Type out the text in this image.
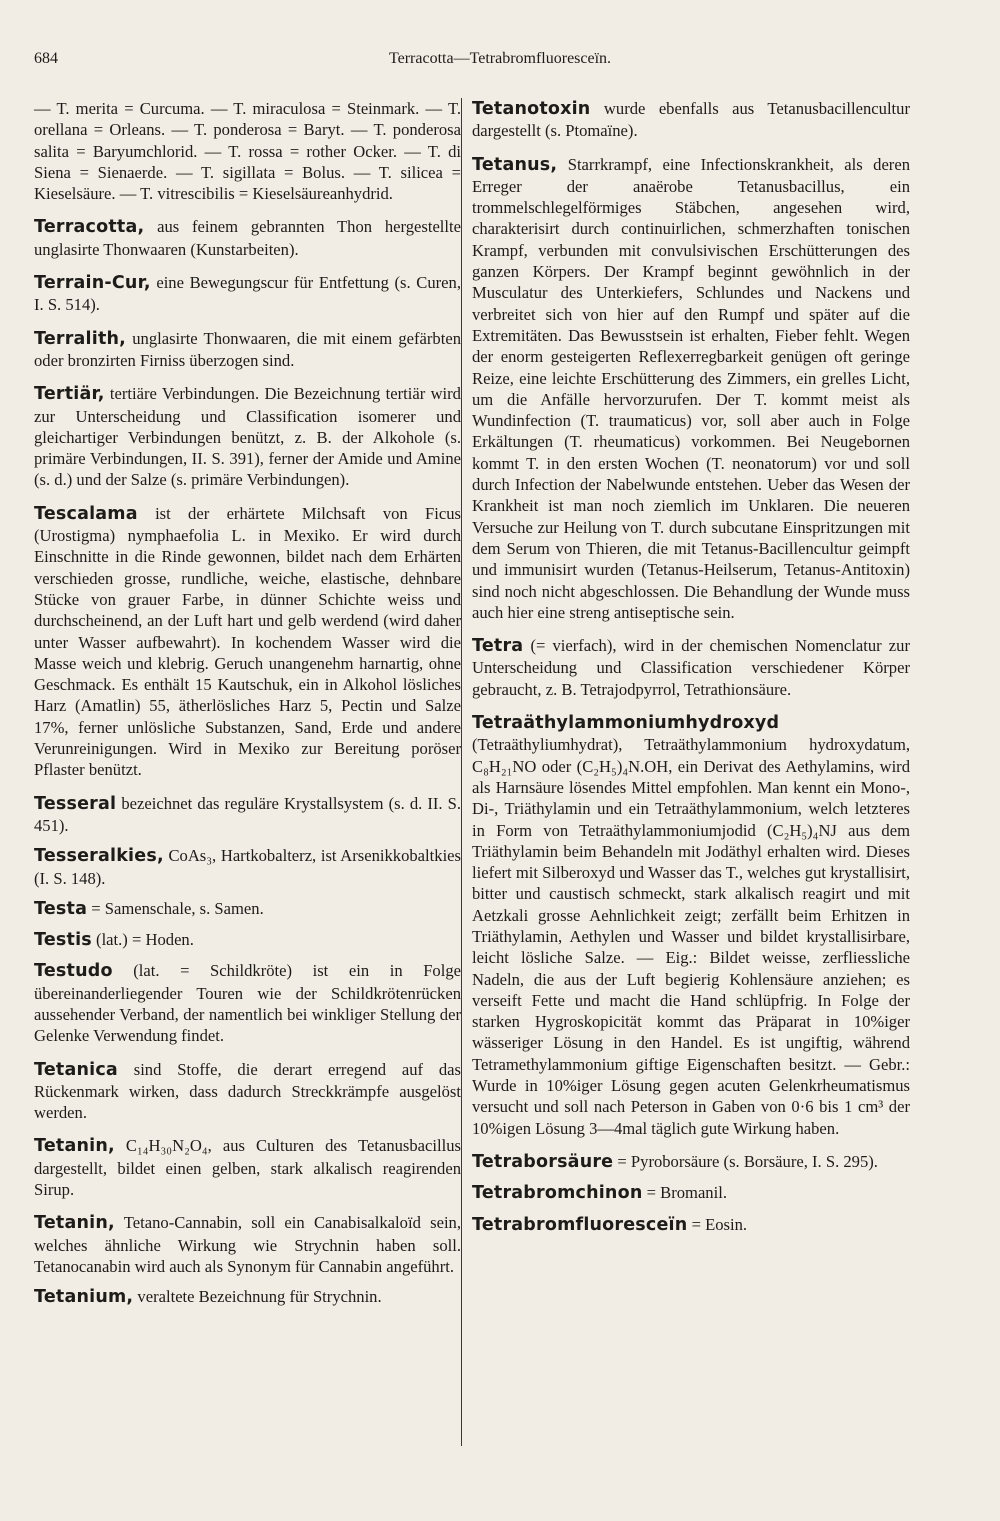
684	Terracotta—Tetrabromfluoresceïn.

— T. merita = Curcuma. — T. miraculosa = Steinmark. — T. orellana = Orleans. — T. ponderosa = Baryt. — T. ponderosa salita = Baryumchlorid. — T. rossa = rother Ocker. — T. di Siena = Sienaerde. — T. sigillata = Bolus. — T. silicea = Kieselsäure. — T. vitrescibilis = Kieselsäureanhydrid.

Terracotta, aus feinem gebrannten Thon hergestellte unglasirte Thonwaaren (Kunstarbeiten).

Terrain-Cur, eine Bewegungscur für Entfettung (s. Curen, I. S. 514).

Terralith, unglasirte Thonwaaren, die mit einem gefärbten oder bronzirten Firniss überzogen sind.

Tertiär, tertiäre Verbindungen. Die Bezeichnung tertiär wird zur Unterscheidung und Classification isomerer und gleichartiger Verbindungen benützt, z. B. der Alkohole (s. primäre Verbindungen, II. S. 391), ferner der Amide und Amine (s. d.) und der Salze (s. primäre Verbindungen).

Tescalama ist der erhärtete Milchsaft von Ficus (Urostigma) nymphaefolia L. in Mexiko. Er wird durch Einschnitte in die Rinde gewonnen, bildet nach dem Erhärten verschieden grosse, rundliche, weiche, elastische, dehnbare Stücke von grauer Farbe, in dünner Schichte weiss und durchscheinend, an der Luft hart und gelb werdend (wird daher unter Wasser aufbewahrt). In kochendem Wasser wird die Masse weich und klebrig. Geruch unangenehm harnartig, ohne Geschmack. Es enthält 15 Kautschuk, ein in Alkohol lösliches Harz (Amatlin) 55, ätherlösliches Harz 5, Pectin und Salze 17%, ferner unlösliche Substanzen, Sand, Erde und andere Verunreinigungen. Wird in Mexiko zur Bereitung poröser Pflaster benützt.

Tesseral bezeichnet das reguläre Krystallsystem (s. d. II. S. 451).

Tesseralkies, CoAs₃, Hartkobalterz, ist Arsenikkobaltkies (I. S. 148).

Testa = Samenschale, s. Samen.

Testis (lat.) = Hoden.

Testudo (lat. = Schildkröte) ist ein in Folge übereinanderliegender Touren wie der Schildkrötenrücken aussehender Verband, der namentlich bei winkliger Stellung der Gelenke Verwendung findet.

Tetanica sind Stoffe, die derart erregend auf das Rückenmark wirken, dass dadurch Streckkrämpfe ausgelöst werden.

Tetanin, C₁₄H₃₀N₂O₄, aus Culturen des Tetanusbacillus dargestellt, bildet einen gelben, stark alkalisch reagirenden Sirup.

Tetanin, Tetano-Cannabin, soll ein Canabisalkaloïd sein, welches ähnliche Wirkung wie Strychnin haben soll. Tetanocanabin wird auch als Synonym für Cannabin angeführt.

Tetanium, veraltete Bezeichnung für Strychnin.

Tetanotoxin wurde ebenfalls aus Tetanusbacillencultur dargestellt (s. Ptomaïne).

Tetanus, Starrkrampf, eine Infectionskrankheit, als deren Erreger der anaërobe Tetanusbacillus, ein trommelschlegelförmiges Stäbchen, angesehen wird, charakterisirt durch continuirlichen, schmerzhaften tonischen Krampf, verbunden mit convulsivischen Erschütterungen des ganzen Körpers. Der Krampf beginnt gewöhnlich in der Musculatur des Unterkiefers, Schlundes und Nackens und verbreitet sich von hier auf den Rumpf und später auf die Extremitäten. Das Bewusstsein ist erhalten, Fieber fehlt. Wegen der enorm gesteigerten Reflexerregbarkeit genügen oft geringe Reize, eine leichte Erschütterung des Zimmers, ein grelles Licht, um die Anfälle hervorzurufen. Der T. kommt meist als Wundinfection (T. traumaticus) vor, soll aber auch in Folge Erkältungen (T. rheumaticus) vorkommen. Bei Neugebornen kommt T. in den ersten Wochen (T. neonatorum) vor und soll durch Infection der Nabelwunde entstehen. Ueber das Wesen der Krankheit ist man noch ziemlich im Unklaren. Die neueren Versuche zur Heilung von T. durch subcutane Einspritzungen mit dem Serum von Thieren, die mit Tetanus-Bacillencultur geimpft und immunisirt wurden (Tetanus-Heilserum, Tetanus-Antitoxin) sind noch nicht abgeschlossen. Die Behandlung der Wunde muss auch hier eine streng antiseptische sein.

Tetra (= vierfach), wird in der chemischen Nomenclatur zur Unterscheidung und Classification verschiedener Körper gebraucht, z. B. Tetrajodpyrrol, Tetrathionsäure.

Tetraäthylammoniumhydroxyd (Tetraäthyliumhydrat), Tetraäthylammonium hydroxydatum, C₈H₂₁NO oder (C₂H₅)₄N.OH, ein Derivat des Aethylamins, wird als Harnsäure lösendes Mittel empfohlen. Man kennt ein Mono-, Di-, Triäthylamin und ein Tetraäthylammonium, welch letzteres in Form von Tetraäthylammoniumjodid (C₂H₅)₄NJ aus dem Triäthylamin beim Behandeln mit Jodäthyl erhalten wird. Dieses liefert mit Silberoxyd und Wasser das T., welches gut krystallisirt, bitter und caustisch schmeckt, stark alkalisch reagirt und mit Aetzkali grosse Aehnlichkeit zeigt; zerfällt beim Erhitzen in Triäthylamin, Aethylen und Wasser und bildet krystallisirbare, leicht lösliche Salze. — Eig.: Bildet weisse, zerfliessliche Nadeln, die aus der Luft begierig Kohlensäure anziehen; es verseift Fette und macht die Hand schlüpfrig. In Folge der starken Hygroskopicität kommt das Präparat in 10%iger wässeriger Lösung in den Handel. Es ist ungiftig, während Tetramethylammonium giftige Eigenschaften besitzt. — Gebr.: Wurde in 10%iger Lösung gegen acuten Gelenkrheumatismus versucht und soll nach Peterson in Gaben von 0·6 bis 1 cm³ der 10%igen Lösung 3—4mal täglich gute Wirkung haben.

Tetraborsäure = Pyroborsäure (s. Borsäure, I. S. 295).

Tetrabromchinon = Bromanil.

Tetrabromfluoresceïn = Eosin.
